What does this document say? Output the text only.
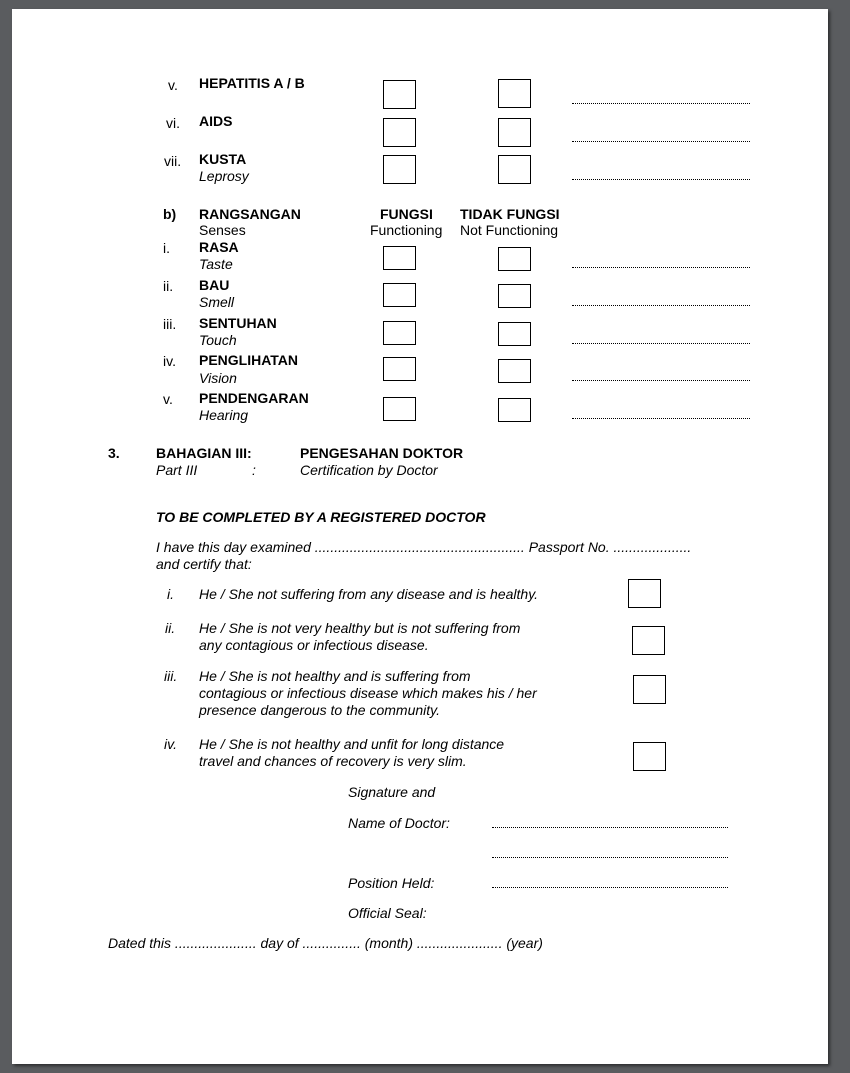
v. HEPATITIS A / B
vi. AIDS
vii. KUSTA
Leprosy
b) RANGSANGAN
Senses
FUNGSI
Functioning
TIDAK FUNGSI
Not Functioning
i. RASA
Taste
ii. BAU
Smell
iii. SENTUHAN
Touch
iv. PENGLIHATAN
Vision
v. PENDENGARAN
Hearing
3.	BAHAGIAN III:
Part III	:
PENGESAHAN DOKTOR
Certification by Doctor
TO BE COMPLETED BY A REGISTERED DOCTOR
I have this day examined ...................................................... Passport No. ....................
and certify that:
i. He / She not suffering from any disease and is healthy.
ii. He / She is not very healthy but is not suffering from
any contagious or infectious disease.
iii. He / She is not healthy and is suffering from
contagious or infectious disease which makes his / her
presence dangerous to the community.
iv. He / She is not healthy and unfit for long distance
travel and chances of recovery is very slim.
Signature and
Name of Doctor:
Position Held:
Official Seal:
Dated this ..................... day of ............... (month) ...................... (year)
